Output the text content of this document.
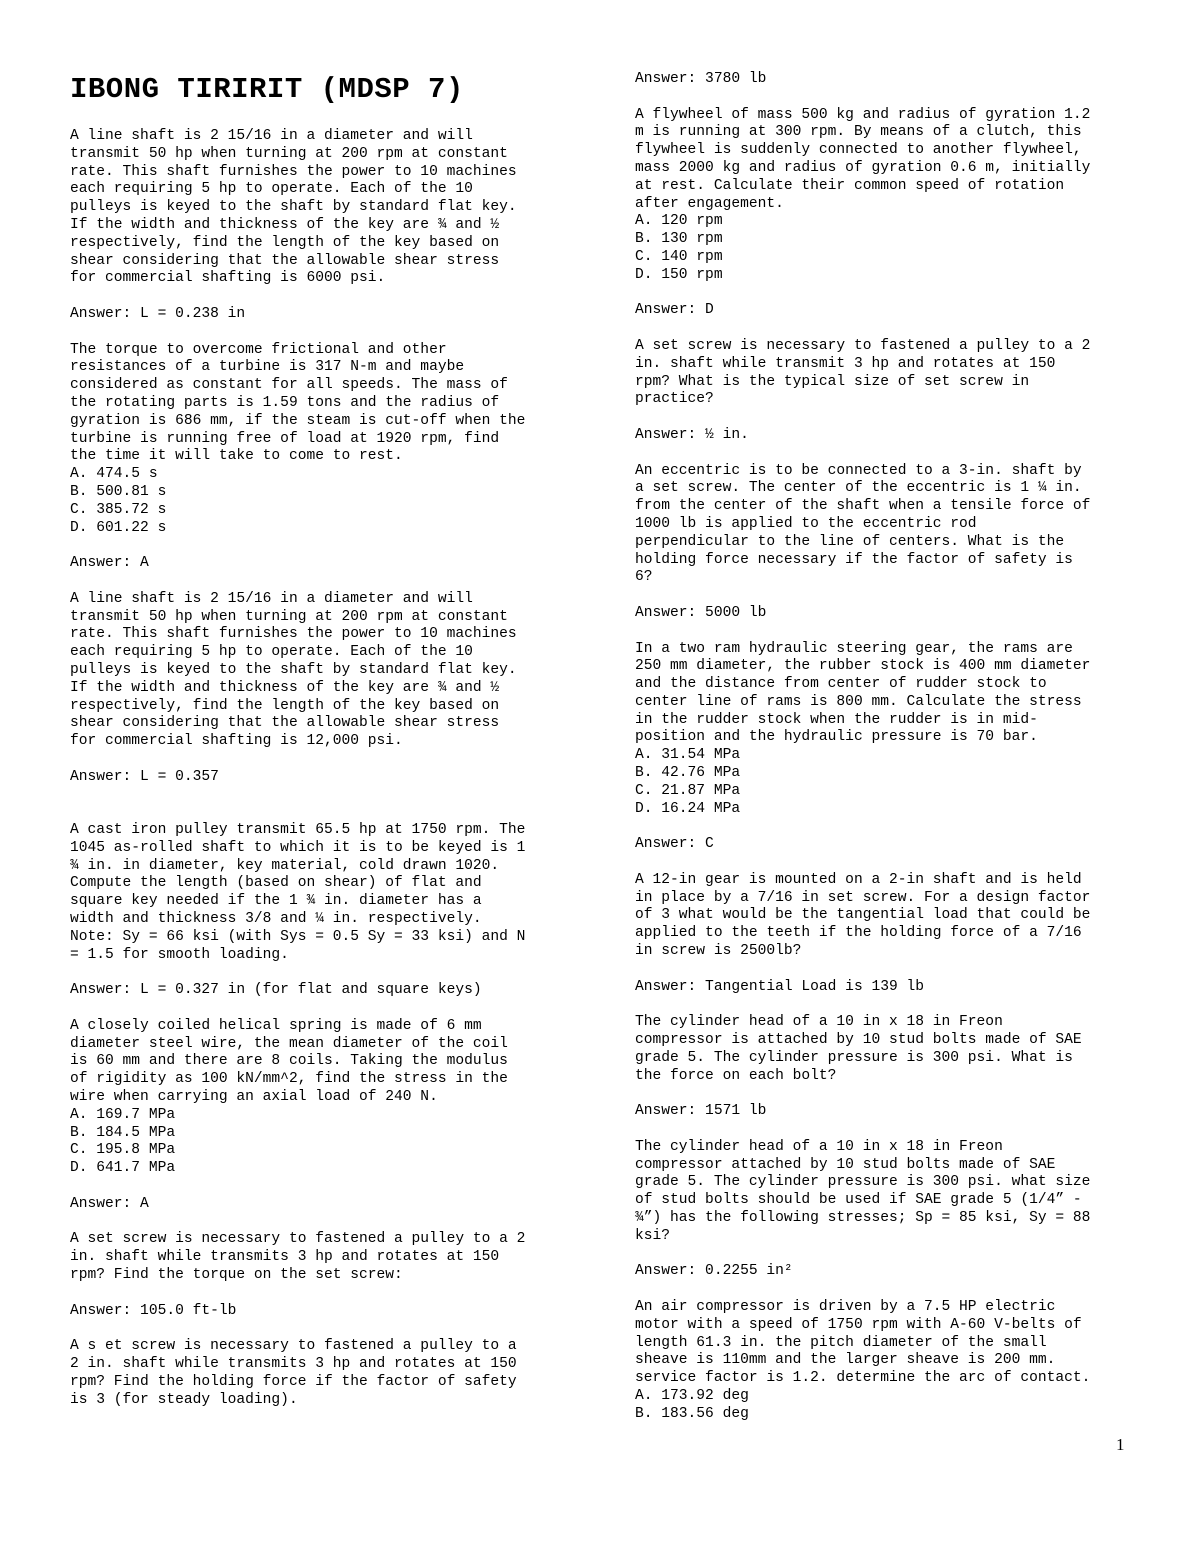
IBONG TIRIRIT (MDSP 7)
A line shaft is 2 15/16 in a diameter and will
transmit 50 hp when turning at 200 rpm at constant
rate. This shaft furnishes the power to 10 machines
each requiring 5 hp to operate. Each of the 10
pulleys is keyed to the shaft by standard flat key.
If the width and thickness of the key are ¾ and ½
respectively, find the length of the key based on
shear considering that the allowable shear stress
for commercial shafting is 6000 psi.
Answer: L = 0.238 in
The torque to overcome frictional and other
resistances of a turbine is 317 N-m and maybe
considered as constant for all speeds. The mass of
the rotating parts is 1.59 tons and the radius of
gyration is 686 mm, if the steam is cut-off when the
turbine is running free of load at 1920 rpm, find
the time it will take to come to rest.
A. 474.5 s
B. 500.81 s
C. 385.72 s
D. 601.22 s
Answer: A
A line shaft is 2 15/16 in a diameter and will
transmit 50 hp when turning at 200 rpm at constant
rate. This shaft furnishes the power to 10 machines
each requiring 5 hp to operate. Each of the 10
pulleys is keyed to the shaft by standard flat key.
If the width and thickness of the key are ¾ and ½
respectively, find the length of the key based on
shear considering that the allowable shear stress
for commercial shafting is 12,000 psi.
Answer: L = 0.357

A cast iron pulley transmit 65.5 hp at 1750 rpm. The
1045 as-rolled shaft to which it is to be keyed is 1
¾ in. in diameter, key material, cold drawn 1020.
Compute the length (based on shear) of flat and
square key needed if the 1 ¾ in. diameter has a
width and thickness 3/8 and ¼ in. respectively.
Note: Sy = 66 ksi (with Sys = 0.5 Sy = 33 ksi) and N
= 1.5 for smooth loading.
Answer: L = 0.327 in (for flat and square keys)
A closely coiled helical spring is made of 6 mm
diameter steel wire, the mean diameter of the coil
is 60 mm and there are 8 coils. Taking the modulus
of rigidity as 100 kN/mm^2, find the stress in the
wire when carrying an axial load of 240 N.
A. 169.7 MPa
B. 184.5 MPa
C. 195.8 MPa
D. 641.7 MPa
Answer: A
A set screw is necessary to fastened a pulley to a 2
in. shaft while transmits 3 hp and rotates at 150
rpm? Find the torque on the set screw:
Answer: 105.0 ft-lb
A s et screw is necessary to fastened a pulley to a
2 in. shaft while transmits 3 hp and rotates at 150
rpm? Find the holding force if the factor of safety
is 3 (for steady loading).
Answer: 3780 lb
A flywheel of mass 500 kg and radius of gyration 1.2
m is running at 300 rpm. By means of a clutch, this
flywheel is suddenly connected to another flywheel,
mass 2000 kg and radius of gyration 0.6 m, initially
at rest. Calculate their common speed of rotation
after engagement.
A. 120 rpm
B. 130 rpm
C. 140 rpm
D. 150 rpm
Answer: D
A set screw is necessary to fastened a pulley to a 2
in. shaft while transmit 3 hp and rotates at 150
rpm? What is the typical size of set screw in
practice?
Answer: ½ in.
An eccentric is to be connected to a 3-in. shaft by
a set screw. The center of the eccentric is 1 ¼ in.
from the center of the shaft when a tensile force of
1000 lb is applied to the eccentric rod
perpendicular to the line of centers. What is the
holding force necessary if the factor of safety is
6?
Answer: 5000 lb
In a two ram hydraulic steering gear, the rams are
250 mm diameter, the rubber stock is 400 mm diameter
and the distance from center of rudder stock to
center line of rams is 800 mm. Calculate the stress
in the rudder stock when the rudder is in mid-
position and the hydraulic pressure is 70 bar.
A. 31.54 MPa
B. 42.76 MPa
C. 21.87 MPa
D. 16.24 MPa
Answer: C
A 12-in gear is mounted on a 2-in shaft and is held
in place by a 7/16 in set screw. For a design factor
of 3 what would be the tangential load that could be
applied to the teeth if the holding force of a 7/16
in screw is 2500lb?
Answer: Tangential Load is 139 lb
The cylinder head of a 10 in x 18 in Freon
compressor is attached by 10 stud bolts made of SAE
grade 5. The cylinder pressure is 300 psi. What is
the force on each bolt?
Answer: 1571 lb
The cylinder head of a 10 in x 18 in Freon
compressor attached by 10 stud bolts made of SAE
grade 5. The cylinder pressure is 300 psi. what size
of stud bolts should be used if SAE grade 5 (1/4” -
¾”) has the following stresses; Sp = 85 ksi, Sy = 88
ksi?
Answer: 0.2255 in²
An air compressor is driven by a 7.5 HP electric
motor with a speed of 1750 rpm with A-60 V-belts of
length 61.3 in. the pitch diameter of the small
sheave is 110mm and the larger sheave is 200 mm.
service factor is 1.2. determine the arc of contact.
A. 173.92 deg
B. 183.56 deg
1
